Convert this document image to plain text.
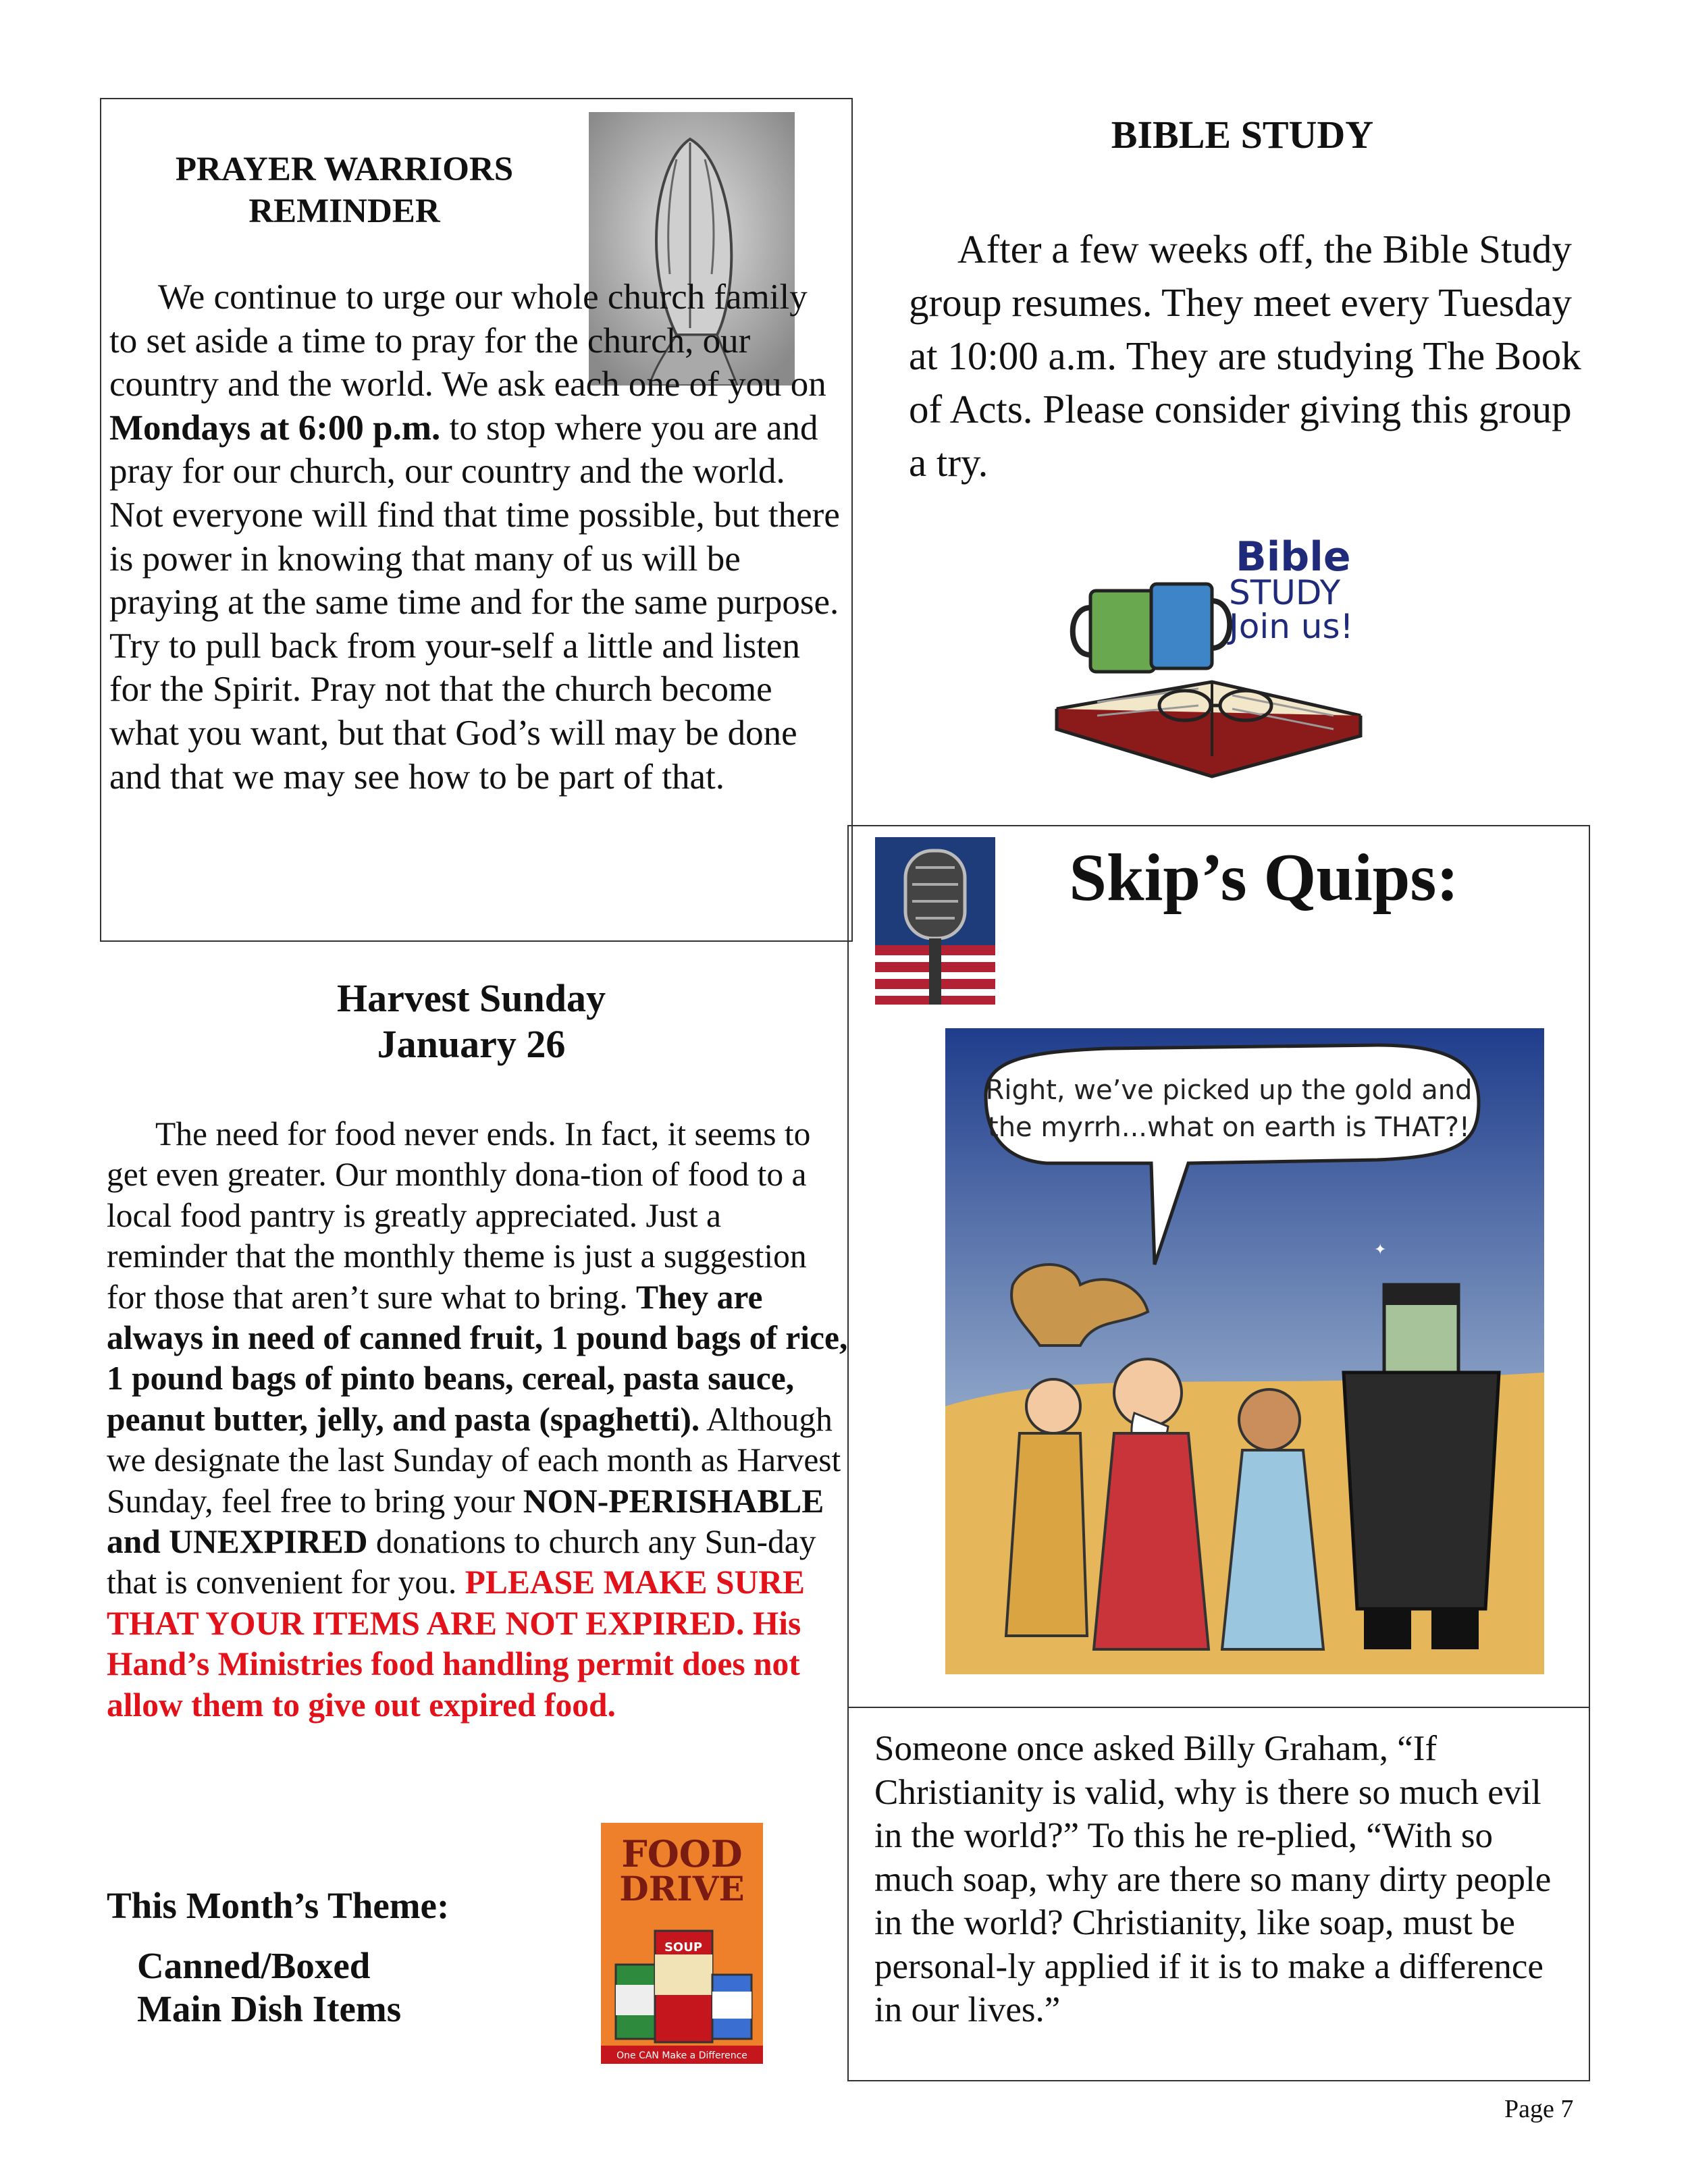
PRAYER WARRIORS
REMINDER

We continue to urge our whole church family to set aside a time to pray for the church, our country and the world. We ask each one of you on Mondays at 6:00 p.m. to stop where you are and pray for our church, our country and the world. Not everyone will find that time possible, but there is power in knowing that many of us will be praying at the same time and for the same purpose. Try to pull back from your-self a little and listen for the Spirit. Pray not that the church become what you want, but that God’s will may be done and that we may see how to be part of that.

BIBLE STUDY

After a few weeks off, the Bible Study group resumes. They meet every Tuesday at 10:00 a.m. They are studying The Book of Acts. Please consider giving this group a try.

Bible
STUDY
Join us!
Harvest Sunday
January 26

The need for food never ends. In fact, it seems to get even greater. Our monthly dona-tion of food to a local food pantry is greatly appreciated. Just a reminder that the monthly theme is just a suggestion for those that aren’t sure what to bring. They are always in need of canned fruit, 1 pound bags of rice, 1 pound bags of pinto beans, cereal, pasta sauce, peanut butter, jelly, and pasta (spaghetti). Although we designate the last Sunday of each month as Harvest Sunday, feel free to bring your NON-PERISHABLE and UNEXPIRED donations to church any Sun-day that is convenient for you. PLEASE MAKE SURE THAT YOUR ITEMS ARE NOT EXPIRED. His Hand’s Ministries food handling permit does not allow them to give out expired food.

This Month’s Theme:
Canned/Boxed
Main Dish Items
FOOD
DRIVE
SOUP
One CAN Make a Difference
Skip’s Quips:
Right, we’ve picked up the gold and
the myrrh...what on earth is THAT?!
✦
Someone once asked Billy Graham, “If Christianity is valid, why is there so much evil in the world?” To this he re-plied, “With so much soap, why are there so many dirty people in the world? Christianity, like soap, must be personal-ly applied if it is to make a difference in our lives.”
Page 7
